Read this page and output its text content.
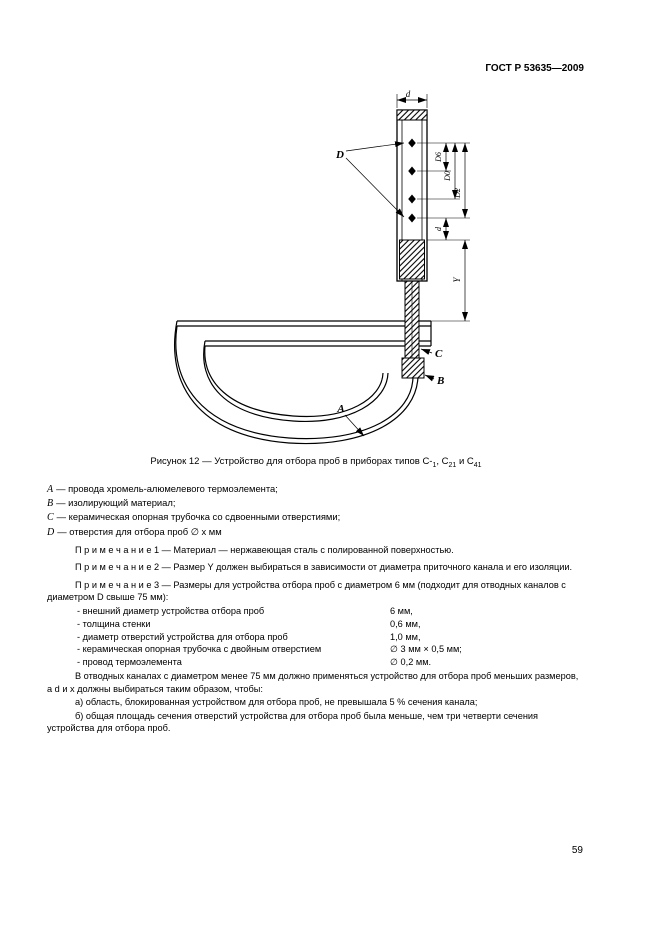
ГОСТ Р 53635—2009
d
D	D6
D0
D2
d
Y
A
C
B
Рисунок 12 — Устройство для отбора проб в приборах типов $С-_1$, $С_{21}$ и $С_{41}$
A — провода хромель-алюмелевого термоэлемента;
B — изолирующий материал;
C — керамическая опорная трубочка со сдвоенными отверстиями;
D — отверстия для отбора проб ∅ х мм

П р и м е ч а н и е 1 — Материал — нержавеющая сталь с полированной поверхностью.

П р и м е ч а н и е 2 — Размер Y должен выбираться в зависимости от диаметра приточного канала и его изоляции.

П р и м е ч а н и е 3 — Размеры для устройства отбора проб с диаметром 6 мм (подходит для отводных каналов с диаметром D свыше 75 мм):

- внешний диаметр устройства отбора проб	6 мм,
- толщина стенки	0,6 мм,
- диаметр отверстий устройства для отбора проб	1,0 мм,
- керамическая опорная трубочка с двойным отверстием	∅ 3 мм × 0,5 мм;
- провод термоэлемента	∅ 0,2 мм.

В отводных каналах с диаметром менее 75 мм должно применяться устройство для отбора проб меньших размеров, а d и х должны выбираться таким образом, чтобы:

а) область, блокированная устройством для отбора проб, не превышала 5 % сечения канала;

б) общая площадь сечения отверстий устройства для отбора проб была меньше, чем три четверти сечения устройства для отбора проб.

59
